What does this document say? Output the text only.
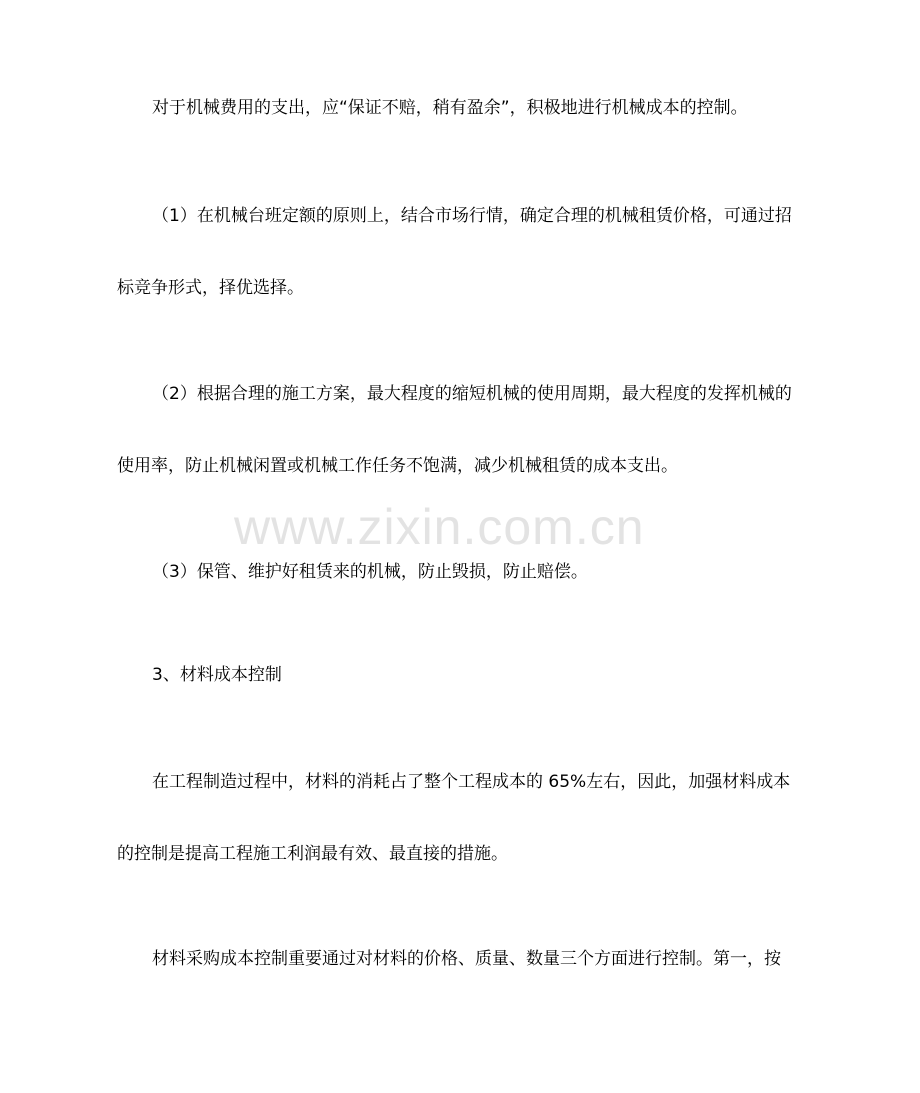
www.zixin.com.cn
对于机械费用的支出，应“保证不赔，稍有盈余”，积极地进行机械成本的控制。
（1）在机械台班定额的原则上，结合市场行情，确定合理的机械租赁价格，可通过招
标竞争形式，择优选择。
（2）根据合理的施工方案，最大程度的缩短机械的使用周期，最大程度的发挥机械的
使用率，防止机械闲置或机械工作任务不饱满，减少机械租赁的成本支出。
（3）保管、维护好租赁来的机械，防止毁损，防止赔偿。
3、材料成本控制
在工程制造过程中，材料的消耗占了整个工程成本的 65%左右，因此，加强材料成本
的控制是提高工程施工利润最有效、最直接的措施。
材料采购成本控制重要通过对材料的价格、质量、数量三个方面进行控制。第一，按
